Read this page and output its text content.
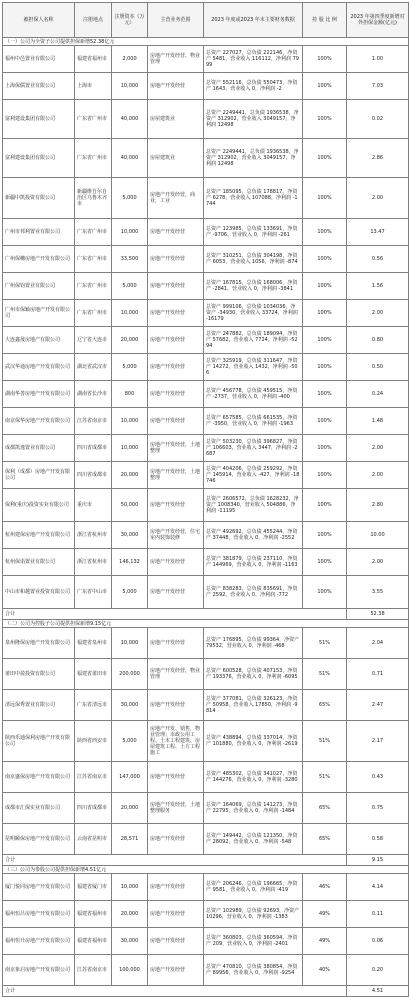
被担保人名称	注册地点	注册资本（万元）	主营业务范围	2023 年度或2023 年末主要财务数据	持 股 比 例	2023 年第四季度新增对外担保金额(亿元)
（一）公司为全资子公司提供担保新增52.38亿元						
福州中邑置业有限公司	福建省福州市	2,000	房地产开发经营、物业管理	总资产 227027，总负债 222146，净资产 5481，营业收入 116112，净利润 7999	100%	1.00
上海保儒置业有限公司	上海市	10,000	房地产开发经营	总资产 552116，总负债 550473，净资产 1643，营业收入 0，净利润 -2	100%	7.03
富利建设集团有限公司	广东省广州市	40,000	房屋建筑业	总资产 2249441，总负债 1936538，净资产 312902，营业收入 3049157，净利润 12498	100%	0.02
富利建设集团有限公司	广东省广州市	40,000	房屋建筑业	总资产 2249441，总负债 1936538，净资产 312902，营业收入 3049157，净利润 12498	100%	2.86
新疆中凯投资有限公司	新疆维吾尔自治区乌鲁木齐市	5,000	房地产开发经营，商业，工业	总资产 185095，总负债 178817，净资产 6278，营业收入 107088，净利润 -1744	100%	2.00
广州市邦利置业有限公司	广东省广州市	10,000	房地产开发经营	总资产 123985，总负债 133691，净资产 -9706，营业收入 0，净利润 -261	100%	13.47
广州保穗房地产开发有限公司	广东省广州市	33,500	房地产开发经营	总资产 310251，总负债 304198，净资产 6053，营业收入 1056，净利润 -874	100%	0.56
广州保钧置业有限公司	广东省广州市	5,000	房地产开发经营	总资产 167815，总负债 168006，净资产 -2841，营业收入 0，净利润 -3841	100%	1.56
广州市保颖房地产开发有限公司	广东省广州市	10,000	房地产开发经营	总资产 999106，总负债 1034036，净资产 -34930，营业收入 33724，净利润 -16179	100%	2.00
大连鑫晟房地产有限公司	辽宁省大连市	20,000	房地产开发经营	总资产 247882，总负债 189094，净资产 57682，营业收入 7724，净利润 -5294	100%	0.80
武汉华通房地产开发有限公司	湖北省武汉市	5,000	房地产开发经营	总资产 325919，总负债 311647，净资产 14272，营业收入 1432，净利润 -506	100%	0.50
湖南华善房地产开发有限公司	湖南省长沙市	800	房地产开发经营	总资产 456778，总负债 459515，净资产 -2737，营业收入 0，净利润 -400	100%	0.24
南京保华房地产开发有限公司	江苏省南京市	10,000	房地产开发经营	总资产 657585，总负债 661535，净资产 -3950，营业收入 0，净利润 -1963	100%	1.48
成都凯逸置业有限公司	四川省成都市	10,000	房地产开发经营，土地整理	总资产 503230，总负债 396827，净资产 106603，营业收入 3447，净利润 -2687	100%	2.00
保利（成都）房地产开发有限公司	四川省成都市	20,000	房地产开发经营，土地整理	总资产 404206，总负债 259292，净资产 145914，营业收入 -427，净利润 -18746	100%	2.00
保利(重庆)投资实业有限公司	重庆市	50,000	房地产开发经营	总资产 2606572，总负债 1628232，净资产 1008340，营业收入 504886，净利润 -11195	100%	2.80
杭州建保房地产开发有限公司	浙江省杭州市	30,000	房地产开发经营，住宅室内装饰装修	总资产 492692，总负债 455244，净资产 37448，营业收入 0，净利润 -2552	100%	10.00
杭州保诣置业有限公司	浙江省杭州市	146,132	房地产开发经营	总资产 381879，总负债 237110，净资产 144969，营业收入 0，净利润 -1163	100%	2.00
中山市和越置业投资有限公司	广东省中山市	5,000	房地产开发经营	总资产 838283，总负债 835691，净资产 2592，营业收入 0，净利润 -772	100%	3.55
合计						52.38
（二）公司为控股子公司提供担保新增9.15亿元						
泉州隆保房地产开发有限公司	福建省泉州市	10,000	房地产开发经营	总资产 176895，总负债 99364，净资产 79532，营业收入 0，净利润 -468	51%	2.04
莆田中盈投资有限公司	福建省莆田市	200,000	房地产开发经营，物业管理	总资产 600528，总负债 407153，净资产 193376，营业收入 0，净利润 -6095	51%	0.71
清远保秀置业有限公司	广东省清远市	30,000	房地产开发经营	总资产 377081，总负债 326123，净资产 50958，营业收入 17850，净利润 -9814	65%	2.47
陕西乐通保利房地产开发有限公司	陕西省西安市	5,000	房地产开发、销售，物业管理；市政公用工程、土木工程建筑、房屋建筑工程、土方工程施工	总资产 438894，总负债 337014，净资产 101880，营业收入 0，净利润 -2619	51%	2.17
南京盛保房地产开发有限公司	江苏省南京市	147,000	房地产开发经营	总资产 485302，总负债 341027，净资产 144276，营业收入 0，净利润 -3280	51%	0.43
成都市汇保实业有限公司	四川省成都市	20,000	房地产开发经营，土地整理服务	总资产 164069，总负债 141273，净资产 22795，营业收入 0，净利润 -1484	65%	0.75
昆明颐保房地产开发有限公司	云南省昆明市	28,571	房地产开发经营	总资产 149442，总负债 121350，净资产 28092，营业收入 0，净利润 -548	65%	0.58
合计						9.15
（三）公司为参股公司提供担保新增4.51亿元						
厦门悦同房地产开发有限公司	福建省厦门市	10,000	房地产开发经营	总资产 206246，总负债 196665，净资产 9581，营业收入 0，净利润 -419	46%	4.14
福州恒吕房地产开发有限公司	福建省福州市	20,000	房地产开发经营	总资产 102989，总负债 92693，净资产 10296，营业收入 0，净利润 -1383	49%	0.11
福州恒升房地产开发有限公司	福建省福州市	30,000	房地产开发经营	总资产 360803，总负债 360594，净资产 209，营业收入 0，净利润 -2401	49%	0.06
南京象启房地产开发有限公司	江苏省南京市	100,000	房地产开发经营	总资产 470810，总负债 380854，净资产 89956，营业收入 0，净利润 -9254	40%	0.20
合计						4.51
